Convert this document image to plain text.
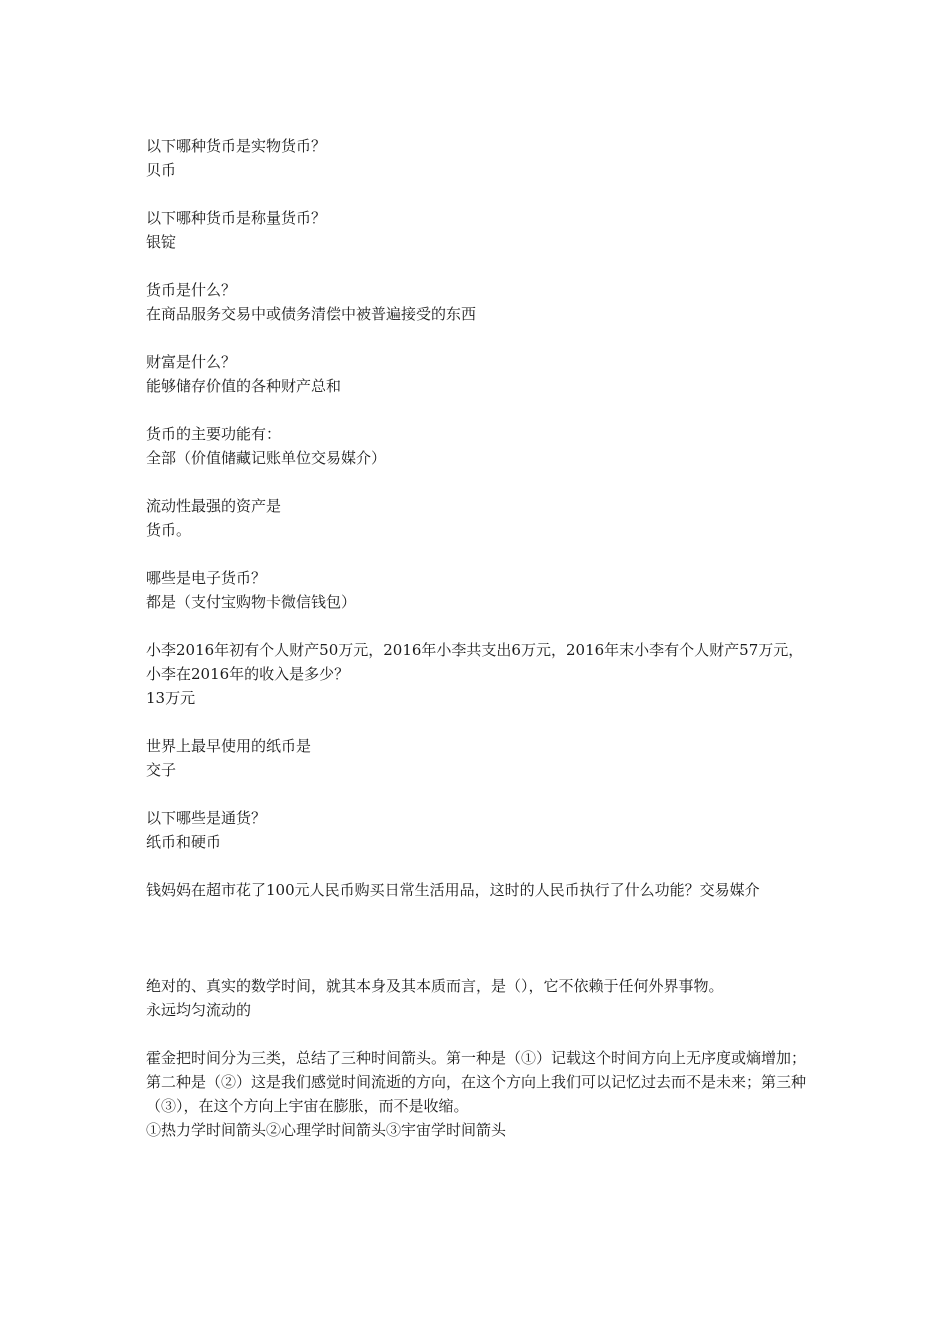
以下哪种货币是实物货币？

贝币

以下哪种货币是称量货币？

银锭

货币是什么？

在商品服务交易中或债务清偿中被普遍接受的东西

财富是什么？

能够储存价值的各种财产总和

货币的主要功能有：

全部（价值储藏记账单位交易媒介）

流动性最强的资产是

货币。

哪些是电子货币？

都是（支付宝购物卡微信钱包）

小李2016年初有个人财产50万元，2016年小李共支出6万元，2016年末小李有个人财产57万元，小李在2016年的收入是多少？

13万元

世界上最早使用的纸币是

交子

以下哪些是通货？

纸币和硬币

钱妈妈在超市花了100元人民币购买日常生活用品，这时的人民币执行了什么功能？交易媒介

绝对的、真实的数学时间，就其本身及其本质而言，是（），它不依赖于任何外界事物。

永远均匀流动的

霍金把时间分为三类，总结了三种时间箭头。第一种是（①）记载这个时间方向上无序度或熵增加；第二种是（②）这是我们感觉时间流逝的方向，在这个方向上我们可以记忆过去而不是未来；第三种（③），在这个方向上宇宙在膨胀，而不是收缩。

①热力学时间箭头②心理学时间箭头③宇宙学时间箭头
